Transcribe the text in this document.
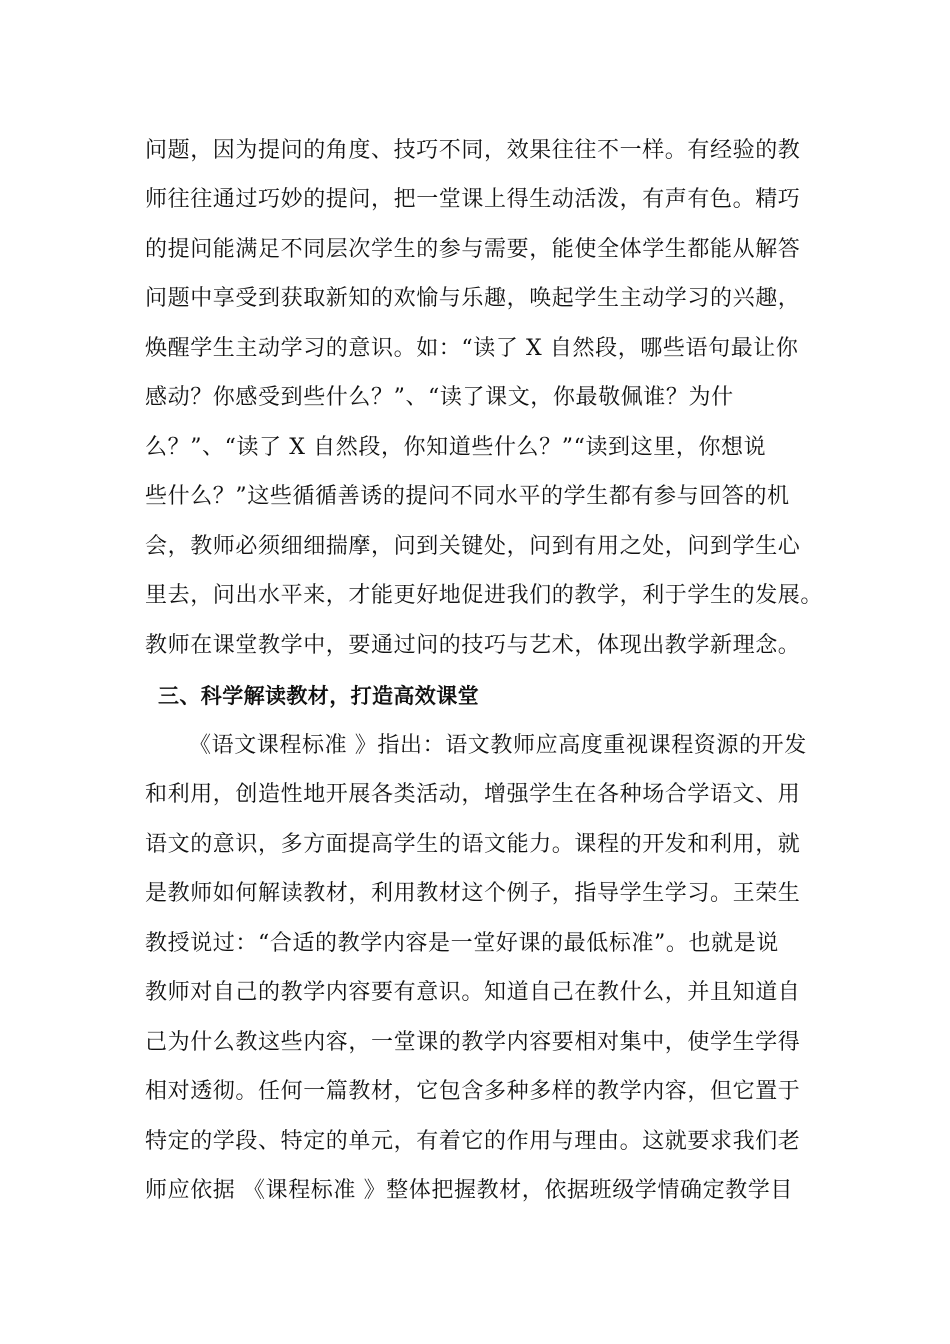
问题，因为提问的角度、技巧不同，效果往往不一样。有经验的教
师往往通过巧妙的提问，把一堂课上得生动活泼，有声有色。精巧
的提问能满足不同层次学生的参与需要，能使全体学生都能从解答
问题中享受到获取新知的欢愉与乐趣，唤起学生主动学习的兴趣，
焕醒学生主动学习的意识。如：“读了 X 自然段，哪些语句最让你
感动？你感受到些什么？”、“读了课文，你最敬佩谁？为什
么？”、“读了 X 自然段，你知道些什么？”“读到这里，你想说
些什么？”这些循循善诱的提问不同水平的学生都有参与回答的机
会，教师必须细细揣摩，问到关键处，问到有用之处，问到学生心
里去，问出水平来，才能更好地促进我们的教学，利于学生的发展。
教师在课堂教学中，要通过问的技巧与艺术，体现出教学新理念。
三、科学解读教材，打造高效课堂
《语文课程标准 》指出：语文教师应高度重视课程资源的开发
和利用，创造性地开展各类活动，增强学生在各种场合学语文、用
语文的意识，多方面提高学生的语文能力。课程的开发和利用，就
是教师如何解读教材，利用教材这个例子，指导学生学习。王荣生
教授说过：“合适的教学内容是一堂好课的最低标准”。也就是说
教师对自己的教学内容要有意识。知道自己在教什么，并且知道自
己为什么教这些内容，一堂课的教学内容要相对集中，使学生学得
相对透彻。任何一篇教材，它包含多种多样的教学内容，但它置于
特定的学段、特定的单元，有着它的作用与理由。这就要求我们老
师应依据 《课程标准 》整体把握教材，依据班级学情确定教学目
